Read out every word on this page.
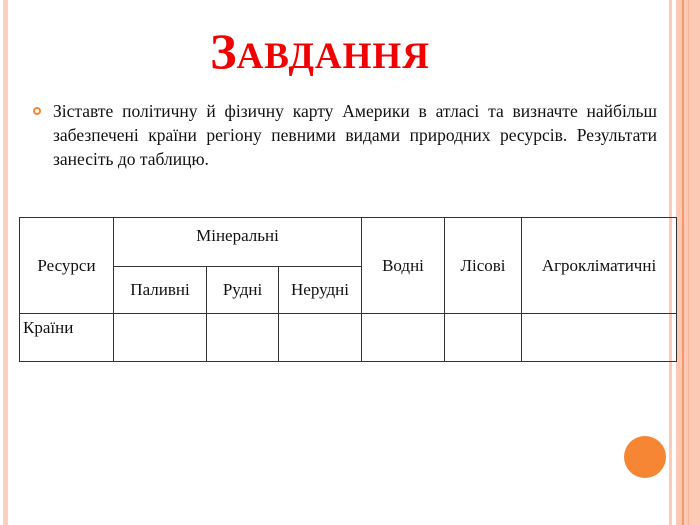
ЗАВДАННЯ
Зіставте політичну й фізичну карту Америки в атласі та визначте найбільш забезпечені країни регіону певними видами природних ресурсів. Результати занесіть до таблицю.
Ресурси	Мінеральні			Водні	Лісові	Агрокліматичні
	Паливні	Рудні	Нерудні			
Країни						
